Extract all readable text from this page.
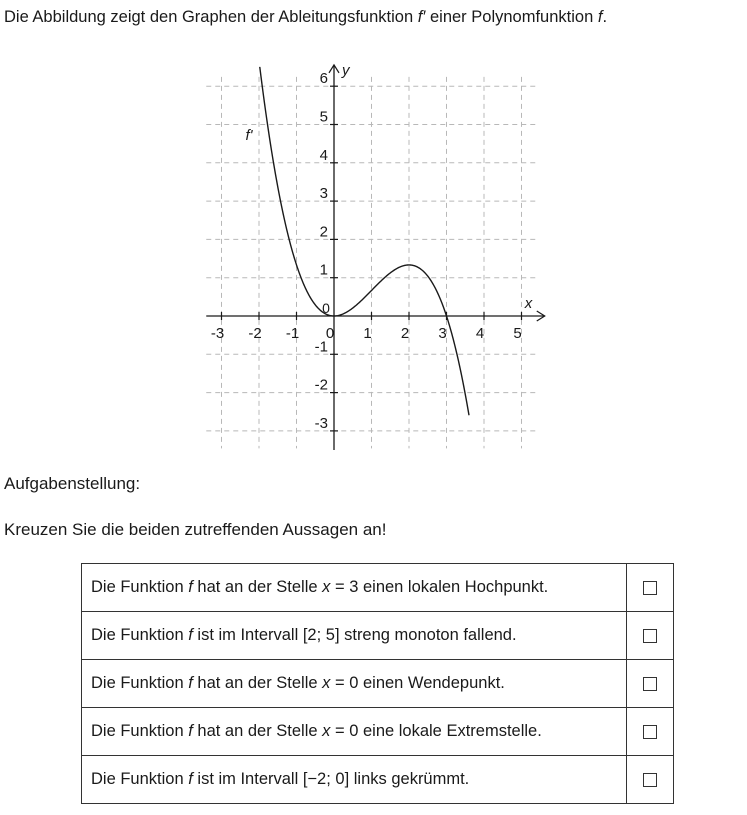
Die Abbildung zeigt den Graphen der Ableitungsfunktion f′ einer Polynomfunktion f.
-3 -2 -1 0 1 2 3 4 5
6
5
4
3
2
1
-1
-2
-3
0	x
y
f'
Aufgabenstellung:
Kreuzen Sie die beiden zutreffenden Aussagen an!
Die Funktion f hat an der Stelle x = 3 einen lokalen Hochpunkt.	
Die Funktion f ist im Intervall [2; 5] streng monoton fallend.	
Die Funktion f hat an der Stelle x = 0 einen Wendepunkt.	
Die Funktion f hat an der Stelle x = 0 eine lokale Extremstelle.	
Die Funktion f ist im Intervall [−2; 0] links gekrümmt.	
